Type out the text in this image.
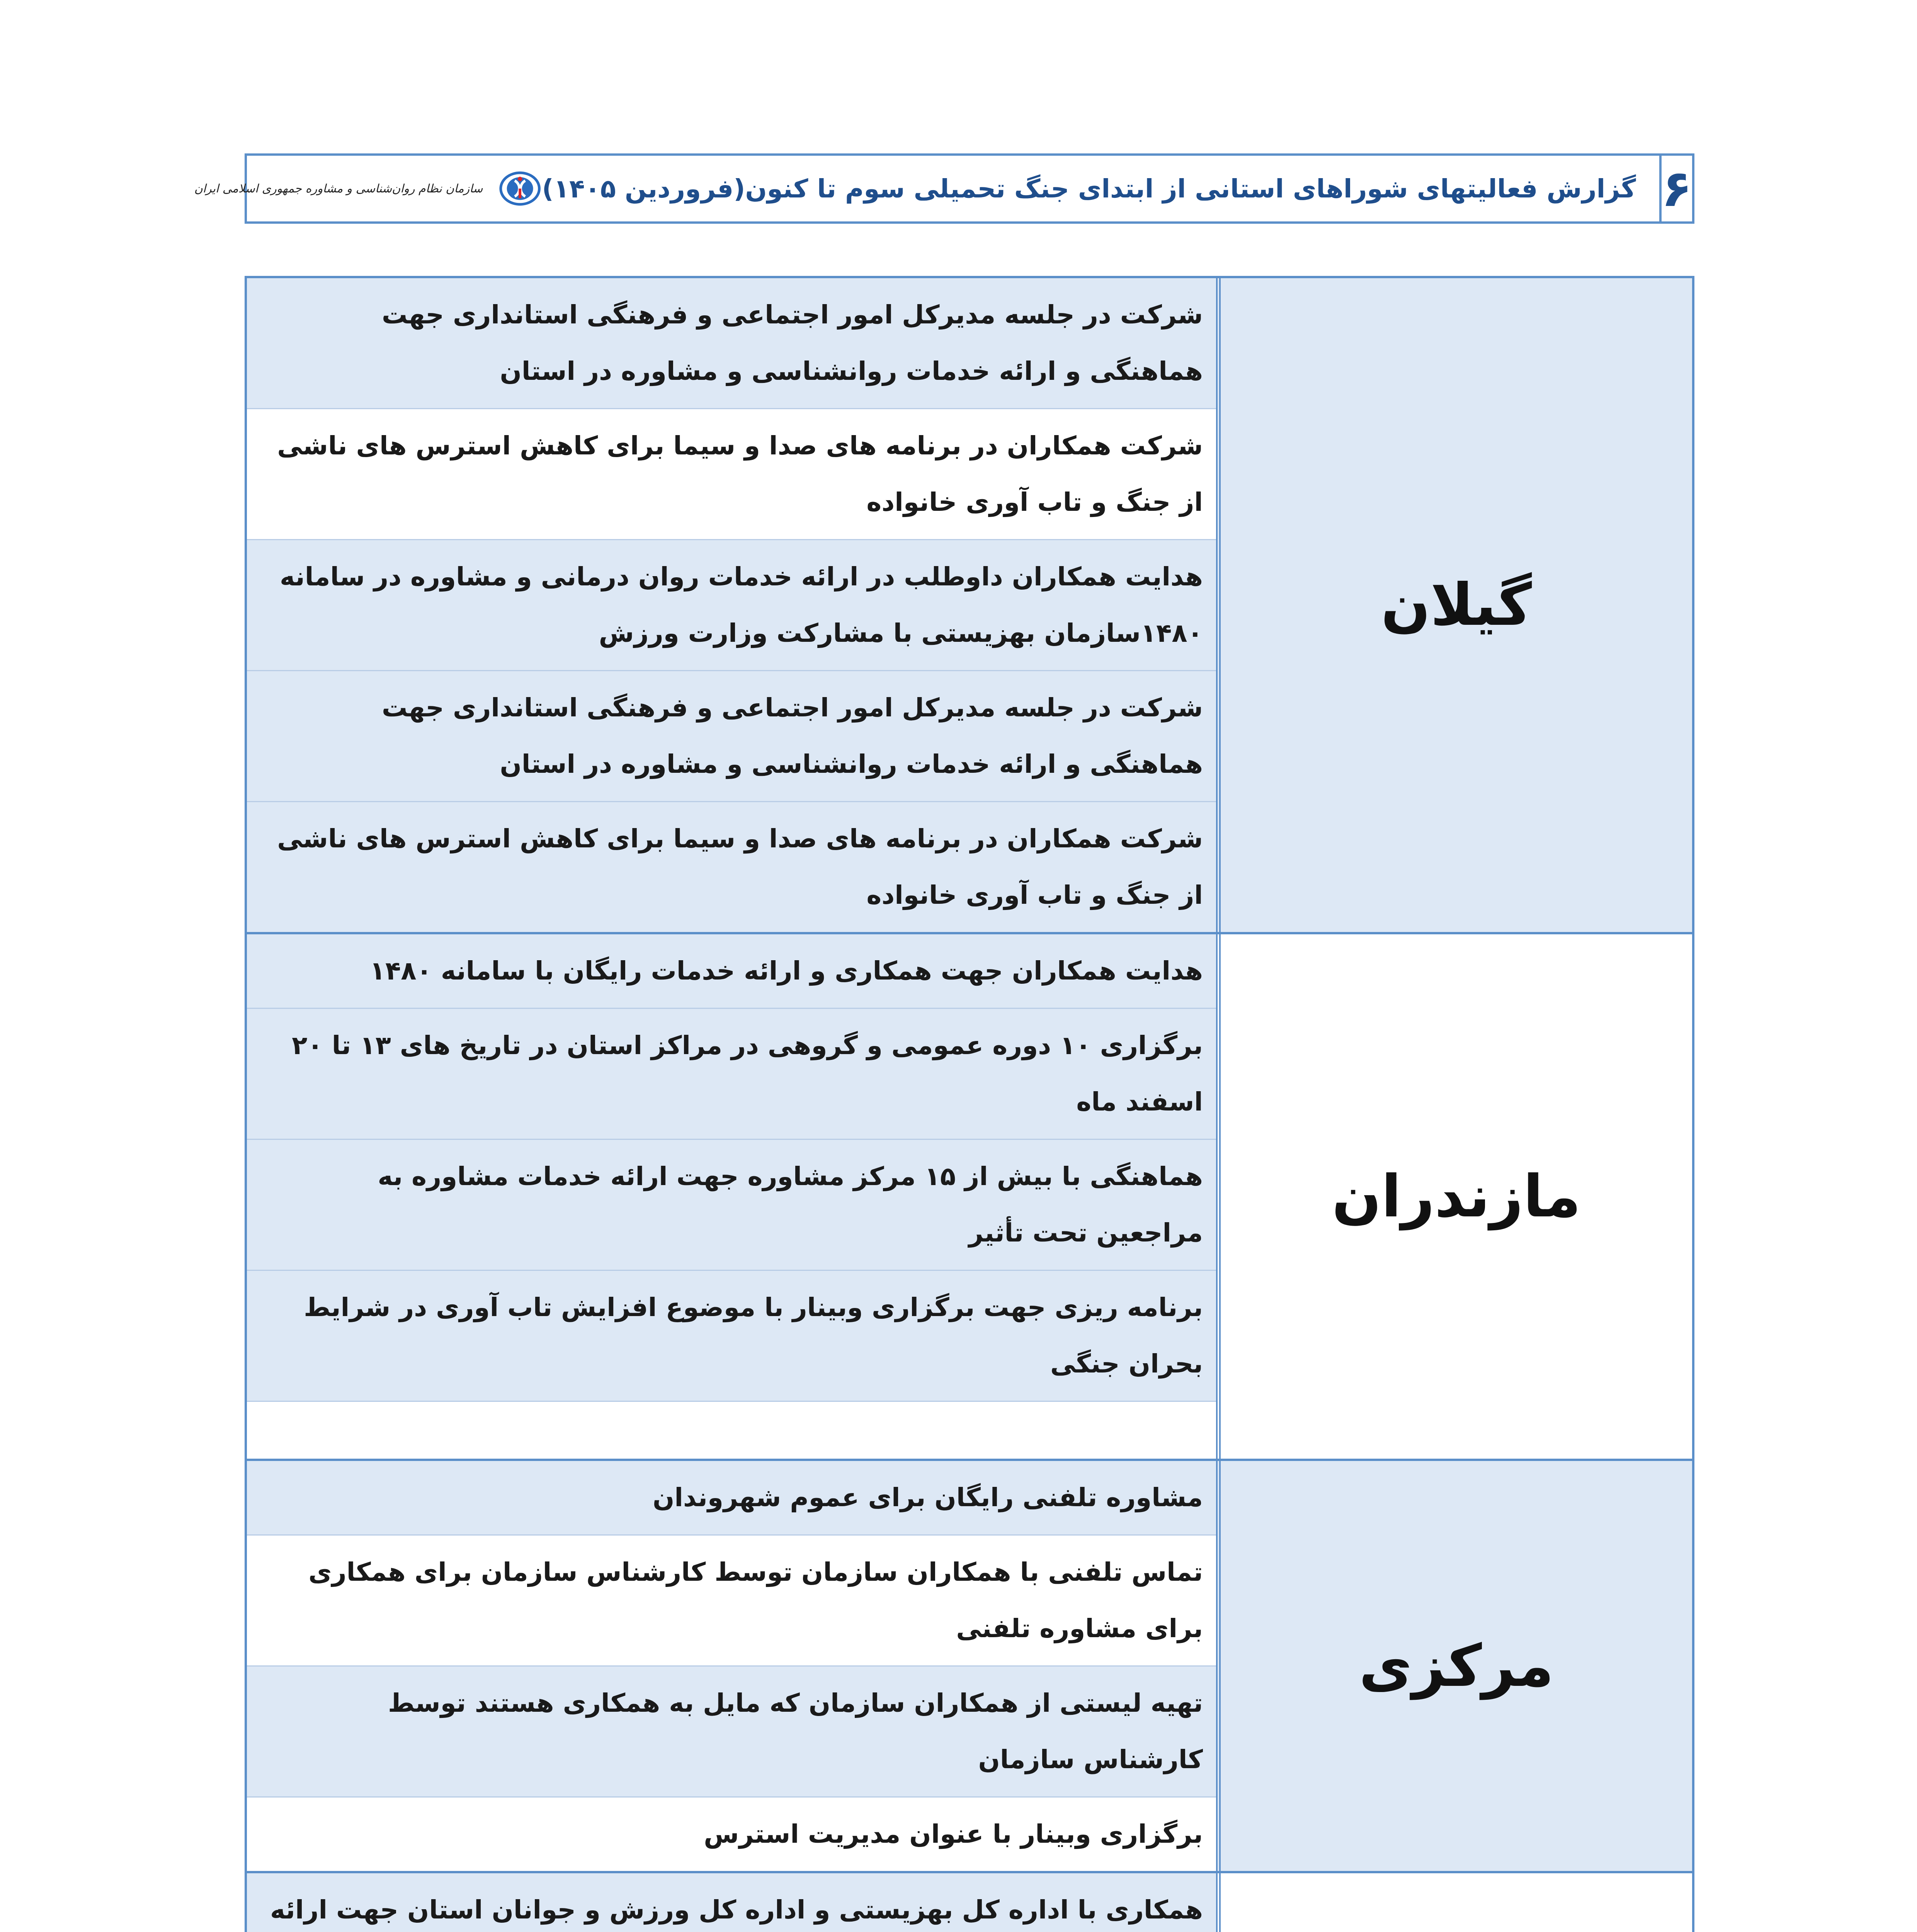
۶
گزارش فعالیتهای شوراهای استانی از ابتدای جنگ تحمیلی سوم تا کنون(فروردین ۱۴۰۵)
سازمان نظام روان‌شناسی و مشاوره جمهوری اسلامی ایران
گیلان
شرکت در جلسه مدیرکل امور اجتماعی و فرهنگی استانداری جهت هماهنگی و ارائه خدمات روانشناسی و مشاوره در استان
شرکت همکاران در برنامه های صدا و سیما برای کاهش استرس های ناشی از جنگ و تاب آوری خانواده
هدایت همکاران داوطلب در ارائه خدمات روان درمانی و مشاوره در سامانه ۱۴۸۰سازمان بهزیستی با مشارکت وزارت ورزش
شرکت در جلسه مدیرکل امور اجتماعی و فرهنگی استانداری جهت هماهنگی و ارائه خدمات روانشناسی و مشاوره در استان
شرکت همکاران در برنامه های صدا و سیما برای کاهش استرس های ناشی از جنگ و تاب آوری خانواده
مازندران
هدایت همکاران جهت همکاری و ارائه خدمات رایگان با سامانه ۱۴۸۰
برگزاری ۱۰ دوره عمومی و گروهی در مراکز استان در تاریخ های ۱۳ تا ۲۰ اسفند ماه
هماهنگی با بیش از ۱۵ مرکز مشاوره جهت ارائه خدمات مشاوره به مراجعین تحت تأثیر
برنامه ریزی جهت برگزاری وبینار با موضوع افزایش تاب آوری در شرایط بحران جنگی
مرکزی
مشاوره تلفنی رایگان برای عموم شهروندان
تماس تلفنی با همکاران سازمان توسط کارشناس سازمان برای همکاری برای مشاوره تلفنی
تهیه لیستی از همکاران سازمان که مایل به همکاری هستند توسط کارشناس سازمان
برگزاری وبینار با عنوان مدیریت استرس
همکاری با اداره کل بهزیستی و اداره کل ورزش و جوانان استان جهت ارائه
